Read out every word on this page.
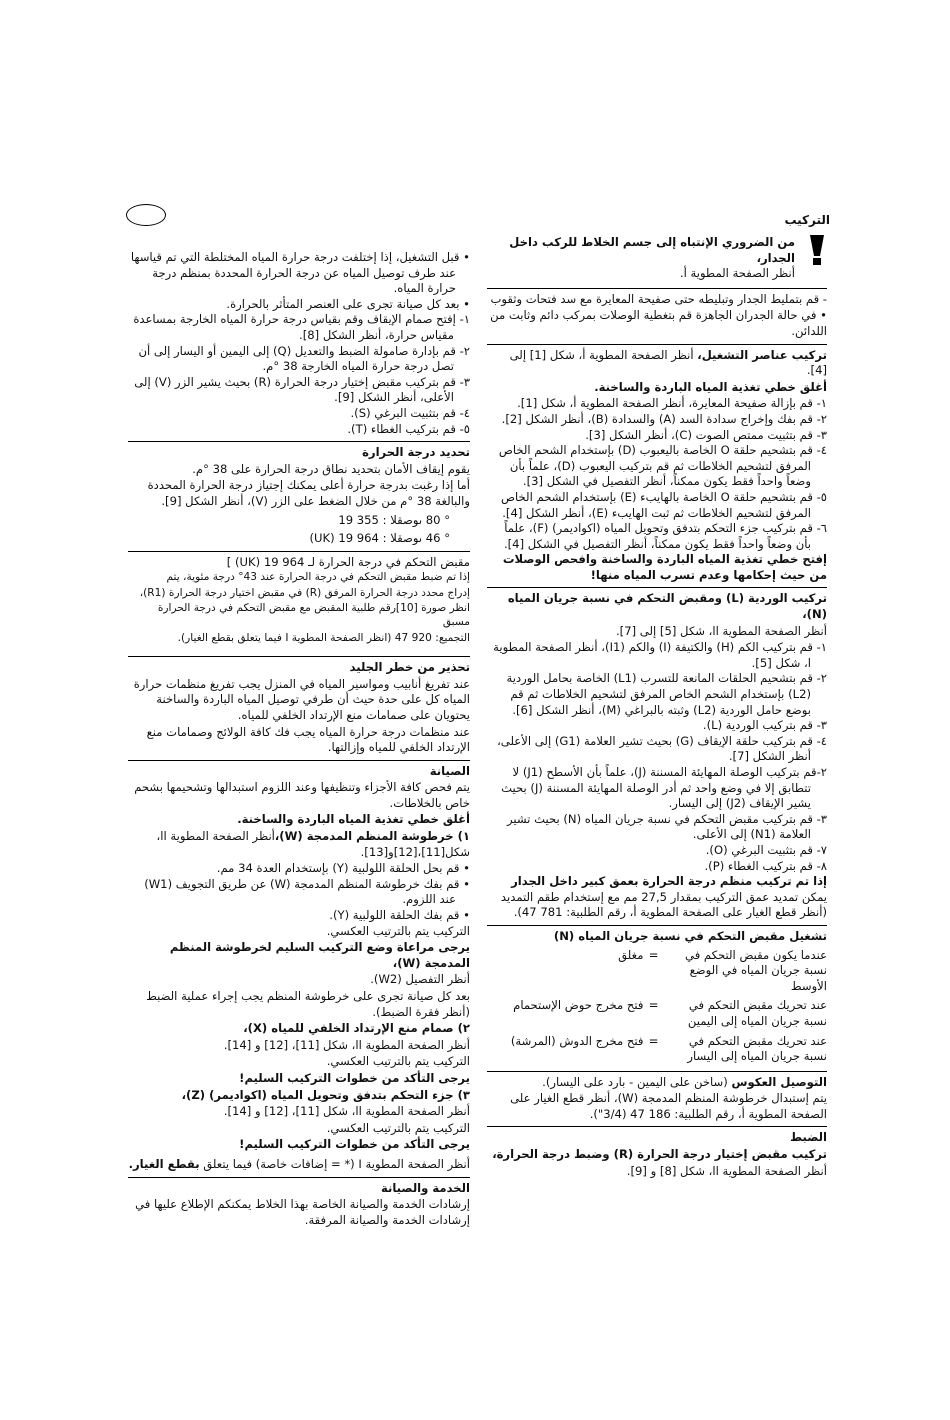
التركيب
من الضروري الإنتباه إلى جسم الخلاط للركب داخل الجدار،
أنظر الصفحة المطوية أ.

- قم بتمليط الجدار وتبليطه حتى صفيحة المعايرة مع سد فتحات وثقوب

• في حالة الجدران الجاهزة قم بتغطية الوصلات بمركب دائم وثابت من اللدائن.

تركيب عناصر التشغيل، أنظر الصفحة المطوية أ، شكل [1] إلى [4].

أغلق خطي تغذية المياه الباردة والساخنة.

١- قم بإزالة صفيحة المعايرة، أنظر الصفحة المطوية أ، شكل [1].

٢- قم بفك وإخراج سدادة السد (A) والسدادة (B)، أنظر الشكل [2].

٣- قم بتثبيت ممتص الصوت (C)، أنظر الشكل [3].

٤- قم بتشحيم حلقة O الخاصة باليعبوب (D) بإستخدام الشحم الخاص المرفق لتشحيم الخلاطات ثم قم بتركيب اليعبوب (D)، علماً بأن وضعاً واحداً فقط يكون ممكناً، أنظر التفصيل في الشكل [3].

٥- قم بتشحيم حلقة O الخاصة بالهايبء (E) بإستخدام الشحم الخاص المرفق لتشحيم الخلاطات ثم ثبت الهايبء (E)، أنظر الشكل [4].

٦- قم بتركيب جزء التحكم بتدفق وتحويل المياه (اكواديمر) (F)، علماً بأن وضعاً واحداً فقط يكون ممكناً، أنظر التفصيل في الشكل [4].

إفتح خطي تغذية المياه الباردة والساخنة وافحص الوصلات من حيث إحكامها وعدم تسرب المياه منها!

تركيب الوردية (L) ومقبض التحكم في نسبة جريان المياه (N)،

أنظر الصفحة المطوية اا، شكل [5] إلى [7].

١- قم بتركيب الكم (H) والكتيفة (I) والكم (I1)، أنظر الصفحة المطوية ا، شكل [5].

٢- قم بتشحيم الحلقات المانعة للتسرب (L1) الخاصة بحامل الوردية (L2) بإستخدام الشحم الخاص المرفق لتشحيم الخلاطات ثم قم بوضع حامل الوردية (L2) وثبته بالبراغي (M)، أنظر الشكل [6].

٣- قم بتركيب الوردية (L).

٤- قم بتركيب حلقة الإيقاف (G) بحيث تشير العلامة (G1) إلى الأعلى، أنظر الشكل [7].

٢-قم بتركيب الوصلة المهايئة المسننة (J)، علماً بأن الأسطح (J1) لا تتطابق إلا في وضع واحد ثم أدر الوصلة المهايئة المسننة (J) بحيث يشير الإيقاف (J2) إلى اليسار.

٣- قم بتركيب مقبض التحكم في نسبة جريان المياه (N) بحيث تشير العلامة (N1) إلى الأعلى.

٧- قم بتثبيت البرغي (O).

٨- قم بتركيب الغطاء (P).

إذا تم تركيب منظم درجة الحرارة بعمق كبير داخل الجدار يمكن تمديد عمق التركيب بمقدار 27,5 مم مع إستخدام طقم التمديد (أنظر قطع الغيار على الصفحة المطوية أ، رقم الطلبية: 781 47).

تشغيل مقبض التحكم في نسبة جريان المياه (N)

عندما يكون مقبض التحكم في نسبة جريان المياه في الوضع الأوسط	=	مغلق
عند تحريك مقبض التحكم في نسبة جريان المياه إلى اليمين	=	فتح مخرج حوض الإستحمام
عند تحريك مقبض التحكم في نسبة جريان المياه إلى اليسار	=	فتح مخرج الدوش (المرشة)

التوصيل العكوس (ساخن على اليمين - بارد على اليسار).

يتم إستبدال خرطوشة المنظم المدمجة (W)، أنظر قطع الغيار على الصفحة المطوية أ، رقم الطلبية: 186 47 (3/4").

الضبط

تركيب مقبض إختيار درجة الحرارة (R) وضبط درجة الحرارة،

أنظر الصفحة المطوية اا، شكل [8] و [9].

• قبل التشغيل، إذا إختلفت درجة حرارة المياه المختلطة التي تم قياسها عند طرف توصيل المياه عن درجة الحرارة المحددة بمنظم درجة حرارة المياه.

• بعد كل صيانة تجرى على العنصر المتأثر بالحرارة.

١- إفتح صمام الإيقاف وقم بقياس درجة حرارة المياه الخارجة بمساعدة مقياس حرارة، أنظر الشكل [8].

٢- قم بإدارة صامولة الضبط والتعديل (Q) إلى اليمين أو اليسار إلى أن تصل درجة حرارة المياه الخارجة 38 °م.

٣- قم بتركيب مقبض إختيار درجة الحرارة (R) بحيث يشير الزر (V) إلى الأعلى، أنظر الشكل [9].

٤- قم بتثبيت البرغي (S).

٥- قم بتركيب الغطاء (T).

تحديد درجة الحرارة

يقوم إيقاف الأمان بتحديد نطاق درجة الحرارة على 38 °م.

أما إذا رغبت بدرجة حرارة أعلى يمكنك إجتياز درجة الحرارة المحددة والبالغة 38 °م من خلال الضغط على الزر (V)، أنظر الشكل [9].

° 80 ىوصقلا : 355 19

° 46 ىوصقلا : 964 19 (UK)

مقبض التحكم في درجة الحرارة لـ 964 19 (UK) ]

إذا تم ضبط مقبض التحكم في درجة الحرارة عند 43° درجة مئوية، يتم

إدراج محدد درجة الحرارة المرفق (R) في مقبض اختيار درجة الحرارة (R1)،

انظر صورة [10]رقم طلبية المقبض مع مقبض التحكم في درجة الحرارة مسبق

التجميع: 920 47 (انظر الصفحة المطوية I فيما يتعلق بقطع الغيار).

تحذير من خطر الجليد

عند تفريغ أنابيب ومواسير المياه في المنزل يجب تفريغ منظمات حرارة المياه كل على حدة حيث أن طرفي توصيل المياه الباردة والساخنة يحتويان على صمامات منع الإرتداد الخلفي للمياه.

عند منظمات درجة حرارة المياه يجب فك كافة الولائج وصمامات منع الإرتداد الخلفي للمياه وإزالتها.

الصيانة

يتم فحص كافة الأجزاء وتنظيفها وعند اللزوم استبدالها وتشحيمها بشحم خاص بالخلاطات.

أغلق خطي تغذية المياه الباردة والساخنة.

١) خرطوشة المنظم المدمجة (W)،أنظر الصفحة المطوية اا، شكل[11]،[12]و[13].

• قم بحل الحلقة اللولبية (Y) بإستخدام العدة 34 مم.

• قم بفك خرطوشة المنظم المدمجة (W) عن طريق التجويف (W1) عند اللزوم.

• قم بفك الحلقة اللولبية (Y).

التركيب يتم بالترتيب العكسي.

يرجى مراعاة وضع التركيب السليم لخرطوشة المنظم المدمجة (W)،

أنظر التفصيل (W2).

بعد كل صيانة تجرى على خرطوشة المنظم يجب إجراء عملية الضبط (أنظر فقرة الضبط).

٢) صمام منع الإرتداد الخلفي للمياه (X)،

أنظر الصفحة المطوية اا، شكل [11]، [12] و [14].

التركيب يتم بالترتيب العكسي.

يرجى التأكد من خطوات التركيب السليم!

٣) جزء التحكم بتدفق وتحويل المياه (اكواديمر) (Z)،

أنظر الصفحة المطوية اا، شكل [11]، [12] و [14].

التركيب يتم بالترتيب العكسي.

يرجى التأكد من خطوات التركيب السليم!

أنظر الصفحة المطوية I (* = إضافات خاصة) فيما يتعلق بقطع الغيار.

الخدمة والصيانة

إرشادات الخدمة والصيانة الخاصة بهذا الخلاط يمكنكم الإطلاع عليها في إرشادات الخدمة والصيانة المرفقة.
